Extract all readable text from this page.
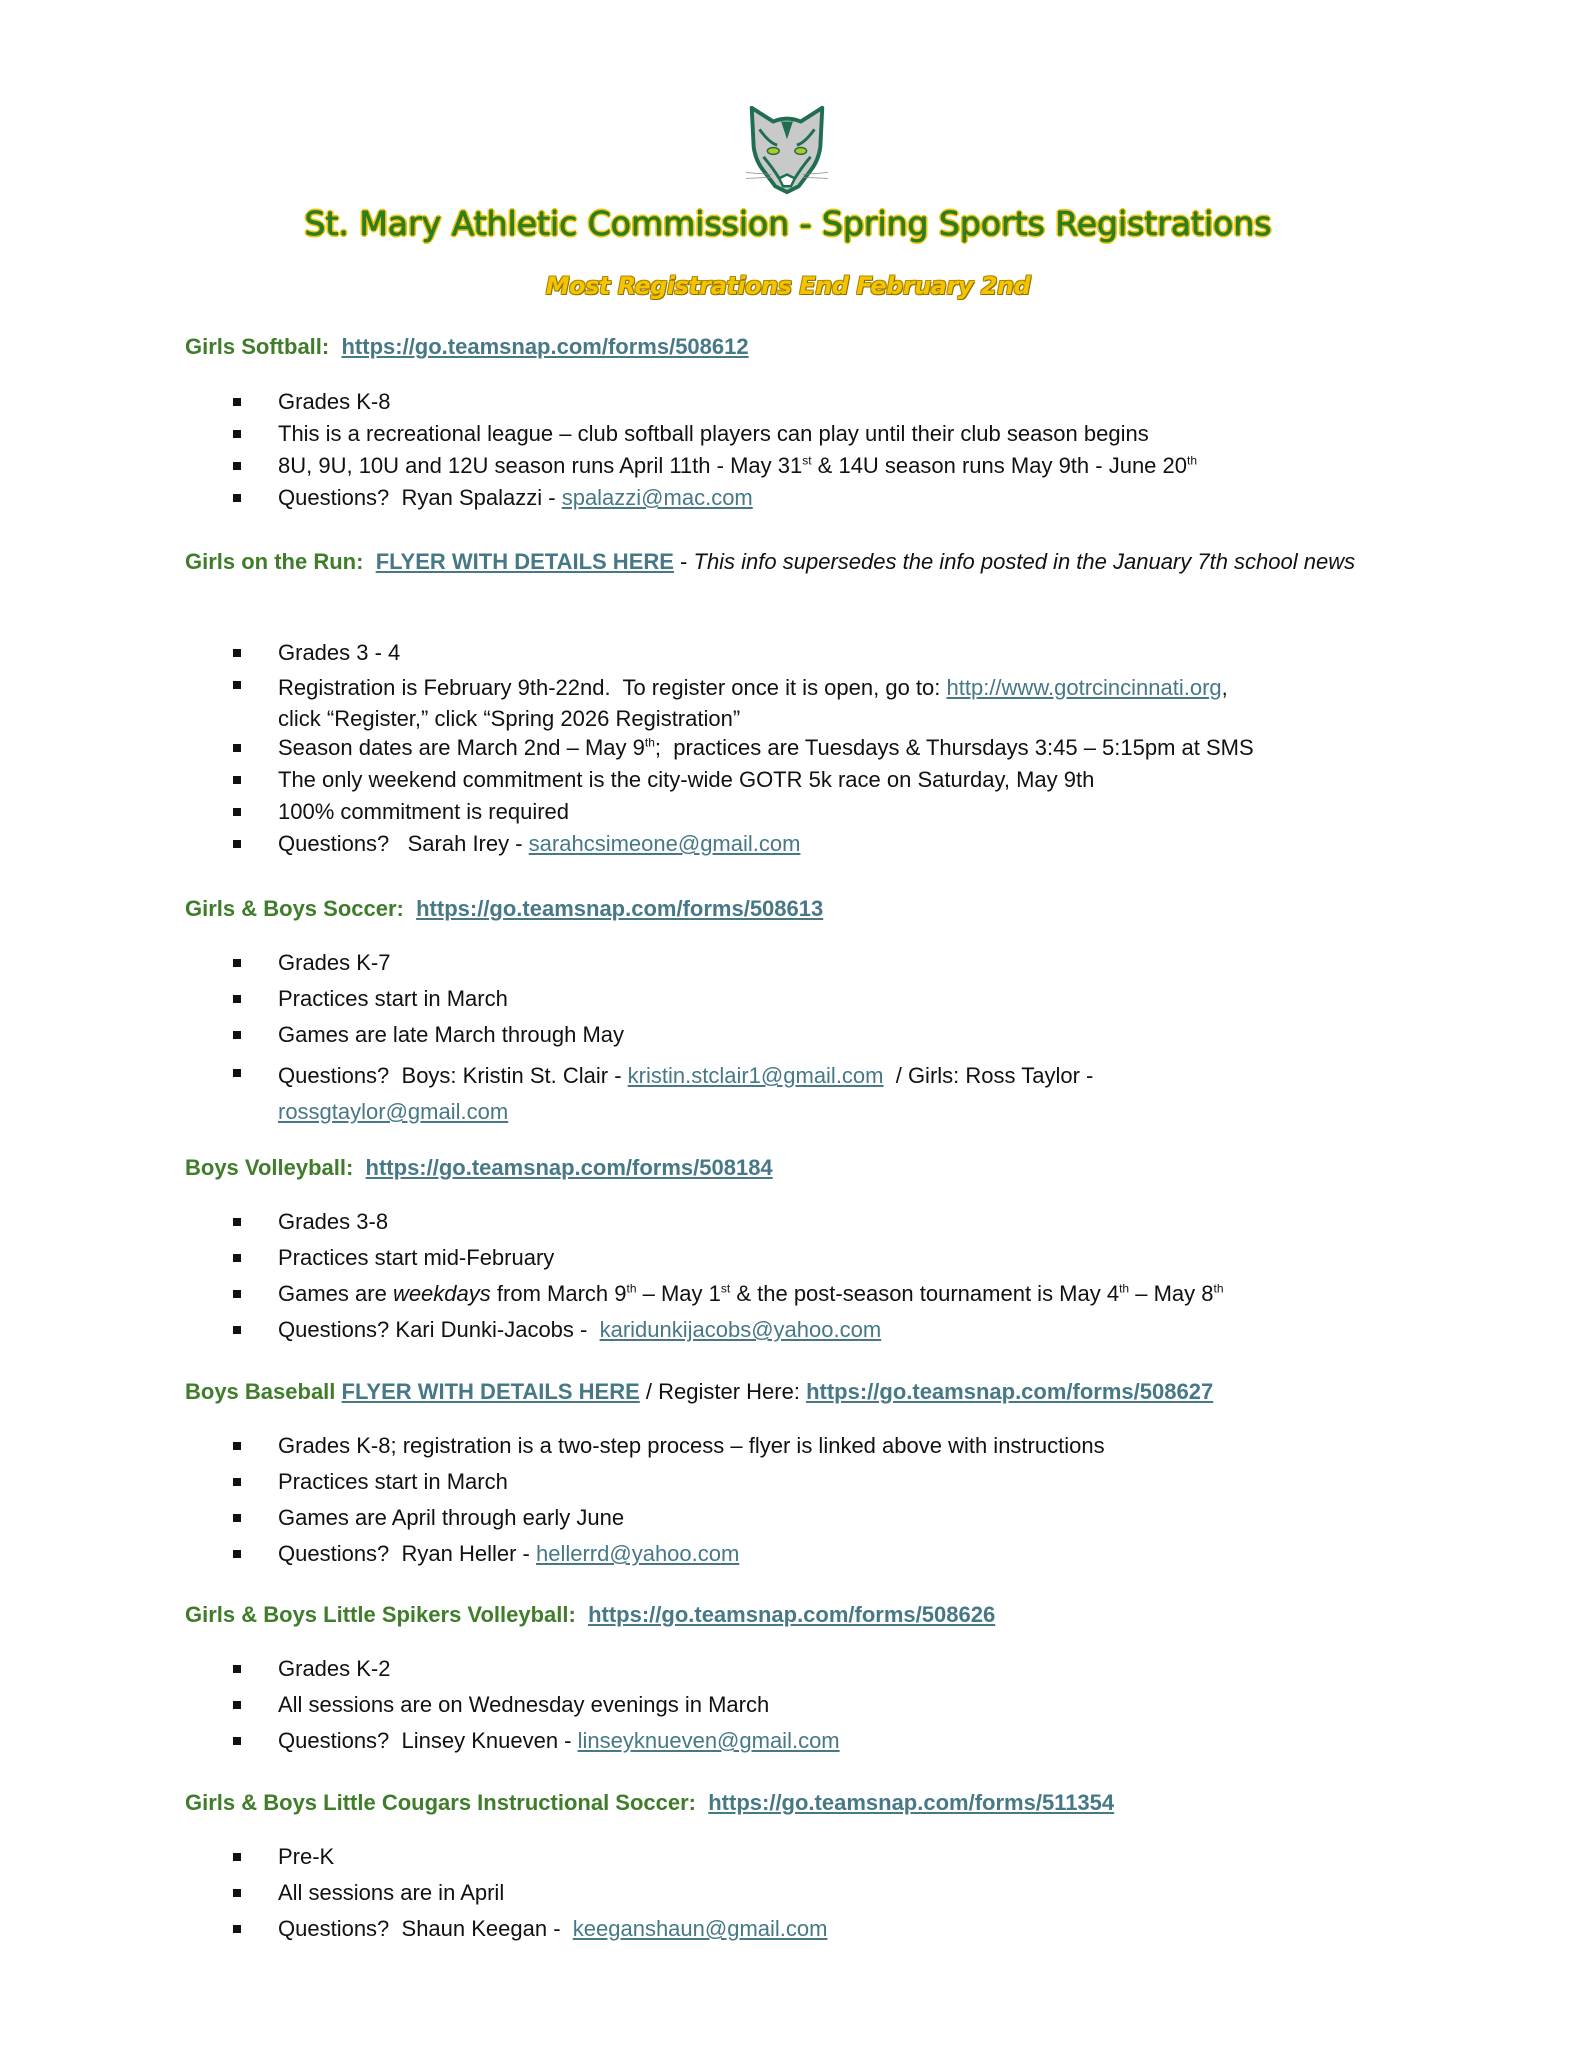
St. Mary Athletic Commission - Spring Sports Registrations
Most Registrations End February 2nd
Girls Softball: https://go.teamsnap.com/forms/508612
Grades K-8
This is a recreational league – club softball players can play until their club season begins
8U, 9U, 10U and 12U season runs April 11th - May 31st & 14U season runs May 9th - June 20th
Questions?  Ryan Spalazzi - spalazzi@mac.com
Girls on the Run: FLYER WITH DETAILS HERE - This info supersedes the info posted in the January 7th school news
Grades 3 - 4
Registration is February 9th-22nd.  To register once it is open, go to: http://www.gotrcincinnati.org,
click “Register,” click “Spring 2026 Registration”
Season dates are March 2nd – May 9th;  practices are Tuesdays & Thursdays 3:45 – 5:15pm at SMS
The only weekend commitment is the city-wide GOTR 5k race on Saturday, May 9th
100% commitment is required
Questions?   Sarah Irey - sarahcsimeone@gmail.com
Girls & Boys Soccer: https://go.teamsnap.com/forms/508613
Grades K-7
Practices start in March
Games are late March through May
Questions?  Boys: Kristin St. Clair - kristin.stclair1@gmail.com  / Girls: Ross Taylor -
rossgtaylor@gmail.com
Boys Volleyball: https://go.teamsnap.com/forms/508184
Grades 3-8
Practices start mid-February
Games are weekdays from March 9th – May 1st & the post-season tournament is May 4th – May 8th
Questions? Kari Dunki-Jacobs -  karidunkijacobs@yahoo.com
Boys Baseball FLYER WITH DETAILS HERE / Register Here: https://go.teamsnap.com/forms/508627
Grades K-8; registration is a two-step process – flyer is linked above with instructions
Practices start in March
Games are April through early June
Questions?  Ryan Heller - hellerrd@yahoo.com
Girls & Boys Little Spikers Volleyball: https://go.teamsnap.com/forms/508626
Grades K-2
All sessions are on Wednesday evenings in March
Questions?  Linsey Knueven - linseyknueven@gmail.com
Girls & Boys Little Cougars Instructional Soccer: https://go.teamsnap.com/forms/511354
Pre-K
All sessions are in April
Questions?  Shaun Keegan -  keeganshaun@gmail.com
